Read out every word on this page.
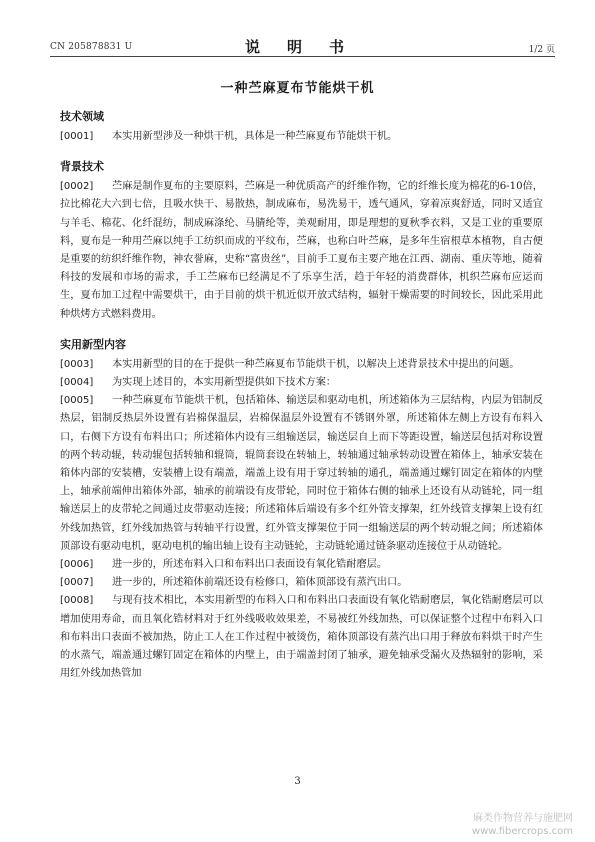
CN 205878831 U	说　明　书	1/2 页
一种苎麻夏布节能烘干机
技术领域

[0001] 本实用新型涉及一种烘干机，具体是一种苎麻夏布节能烘干机。

背景技术

[0002] 苎麻是制作夏布的主要原料，苎麻是一种优质高产的纤维作物，它的纤维长度为棉花的6-10倍，拉比棉花大六到七倍，且吸水快干、易散热，制成麻布，易洗易干，透气通风，穿着凉爽舒适，同时又适宜与羊毛、棉花、化纤混纺，制成麻涤纶、马腈纶等，美观耐用，即是理想的夏秋季衣料，又是工业的重要原料，夏布是一种用苎麻以纯手工纺织而成的平纹布，苎麻，也称白叶苎麻，是多年生宿根草本植物，自古便是重要的纺织纤维作物，神农誉麻，史称“富贵丝”，目前手工夏布主要产地在江西、湖南、重庆等地，随着科技的发展和市场的需求，手工苎麻布已经满足不了乐享生活，趋于年轻的消费群体，机织苎麻布应运而生，夏布加工过程中需要烘干，由于目前的烘干机近似开放式结构，辐射干燥需要的时间较长，因此采用此种烘烤方式燃料费用。

实用新型内容

[0003] 本实用新型的目的在于提供一种苎麻夏布节能烘干机，以解决上述背景技术中提出的问题。

[0004] 为实现上述目的，本实用新型提供如下技术方案：

[0005] 一种苎麻夏布节能烘干机，包括箱体、输送层和驱动电机，所述箱体为三层结构，内层为铝制反热层，铝制反热层外设置有岩棉保温层，岩棉保温层外设置有不锈钢外罩，所述箱体左侧上方设有布料入口，右侧下方设有布料出口；所述箱体内设有三组输送层，输送层自上而下等距设置，输送层包括对称设置的两个转动辊，转动辊包括转轴和辊筒，辊筒套设在转轴上，转轴通过轴承转动设置在箱体上，轴承安装在箱体内部的安装槽，安装槽上设有端盖，端盖上设有用于穿过转轴的通孔，端盖通过螺钉固定在箱体的内壁上，轴承前端伸出箱体外部，轴承的前端设有皮带轮，同时位于箱体右侧的轴承上还设有从动链轮，同一组输送层上的皮带轮之间通过皮带驱动连接；所述箱体后端设有多个红外管支撑架，红外线管支撑架上设有红外线加热管，红外线加热管与转轴平行设置，红外管支撑架位于同一组输送层的两个转动辊之间；所述箱体顶部设有驱动电机，驱动电机的输出轴上设有主动链轮，主动链轮通过链条驱动连接位于从动链轮。

[0006] 进一步的，所述布料入口和布料出口表面设有氧化锆耐磨层。

[0007] 进一步的，所述箱体前端还设有检修口，箱体顶部设有蒸汽出口。

[0008] 与现有技术相比，本实用新型的布料入口和布料出口表面设有氧化锆耐磨层，氧化锆耐磨层可以增加使用寿命，而且氧化锆材料对于红外线吸收效果差，不易被红外线加热，可以保证整个过程中布料入口和布料出口表面不被加热，防止工人在工作过程中被烫伤，箱体顶部设有蒸汽出口用于释放布料烘干时产生的水蒸气，端盖通过螺钉固定在箱体的内壁上，由于端盖封闭了轴承，避免轴承受漏火及热辐射的影响，采用红外线加热管加

3
麻类作物营养与施肥网
www.fibercrops.com
